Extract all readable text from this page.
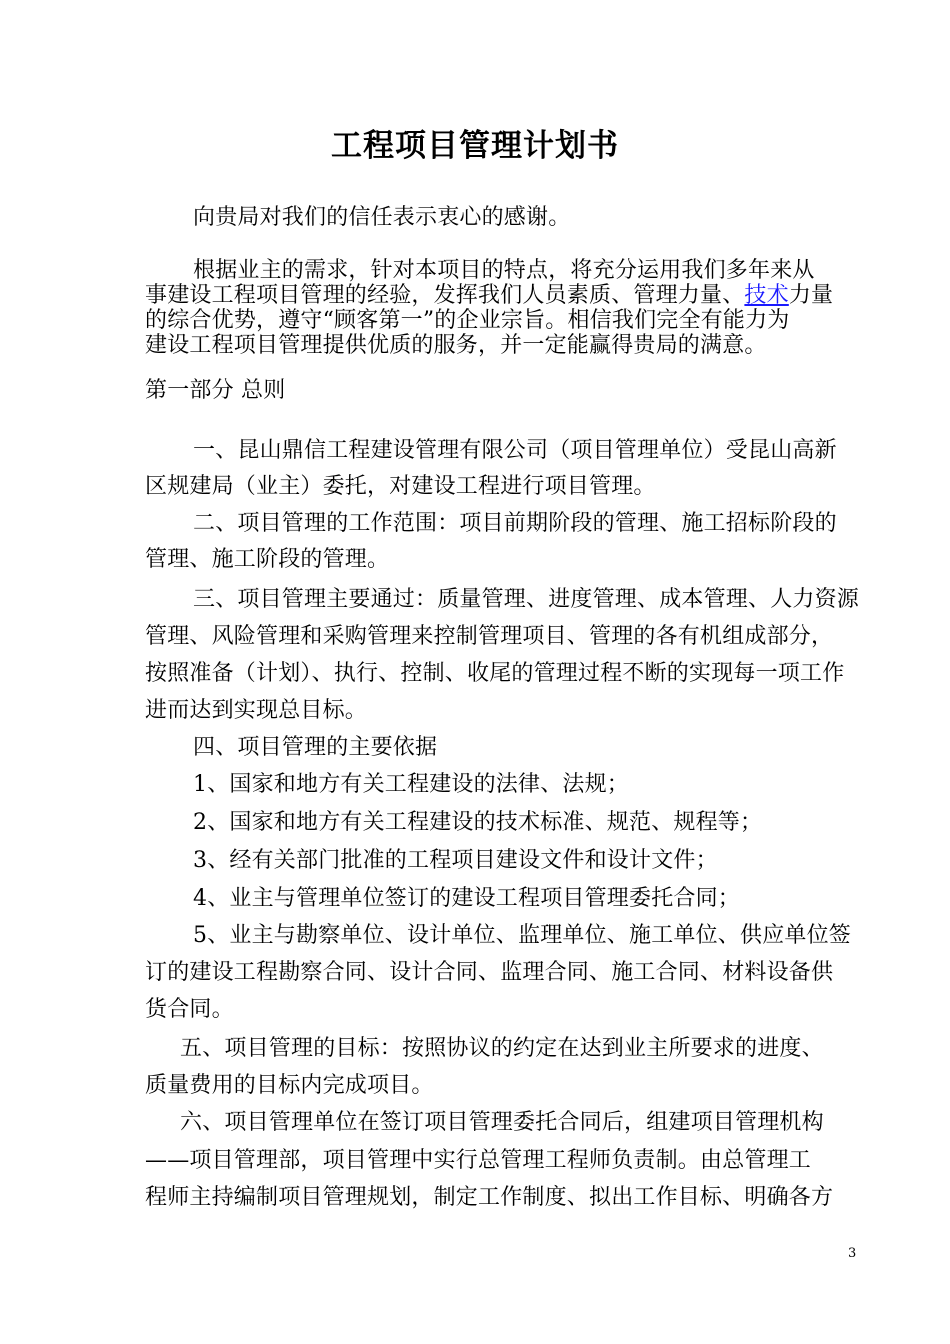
工程项目管理计划书
向贵局对我们的信任表示衷心的感谢。
根据业主的需求，针对本项目的特点，将充分运用我们多年来从
事建设工程项目管理的经验，发挥我们人员素质、管理力量、技术力量
的综合优势，遵守“顾客第一”的企业宗旨。相信我们完全有能力为
建设工程项目管理提供优质的服务，并一定能赢得贵局的满意。
第一部分 总则
一、昆山鼎信工程建设管理有限公司（项目管理单位）受昆山高新
区规建局（业主）委托，对建设工程进行项目管理。
二、项目管理的工作范围：项目前期阶段的管理、施工招标阶段的
管理、施工阶段的管理。
三、项目管理主要通过：质量管理、进度管理、成本管理、人力资源
管理、风险管理和采购管理来控制管理项目、管理的各有机组成部分，
按照准备（计划）、执行、控制、收尾的管理过程不断的实现每一项工作
进而达到实现总目标。
四、项目管理的主要依据
1、国家和地方有关工程建设的法律、法规；
2、国家和地方有关工程建设的技术标准、规范、规程等；
3、经有关部门批准的工程项目建设文件和设计文件；
4、业主与管理单位签订的建设工程项目管理委托合同；
5、业主与勘察单位、设计单位、监理单位、施工单位、供应单位签
订的建设工程勘察合同、设计合同、监理合同、施工合同、材料设备供
货合同。
五、项目管理的目标：按照协议的约定在达到业主所要求的进度、
质量费用的目标内完成项目。
六、项目管理单位在签订项目管理委托合同后，组建项目管理机构
——项目管理部，项目管理中实行总管理工程师负责制。由总管理工
程师主持编制项目管理规划，制定工作制度、拟出工作目标、明确各方
3
